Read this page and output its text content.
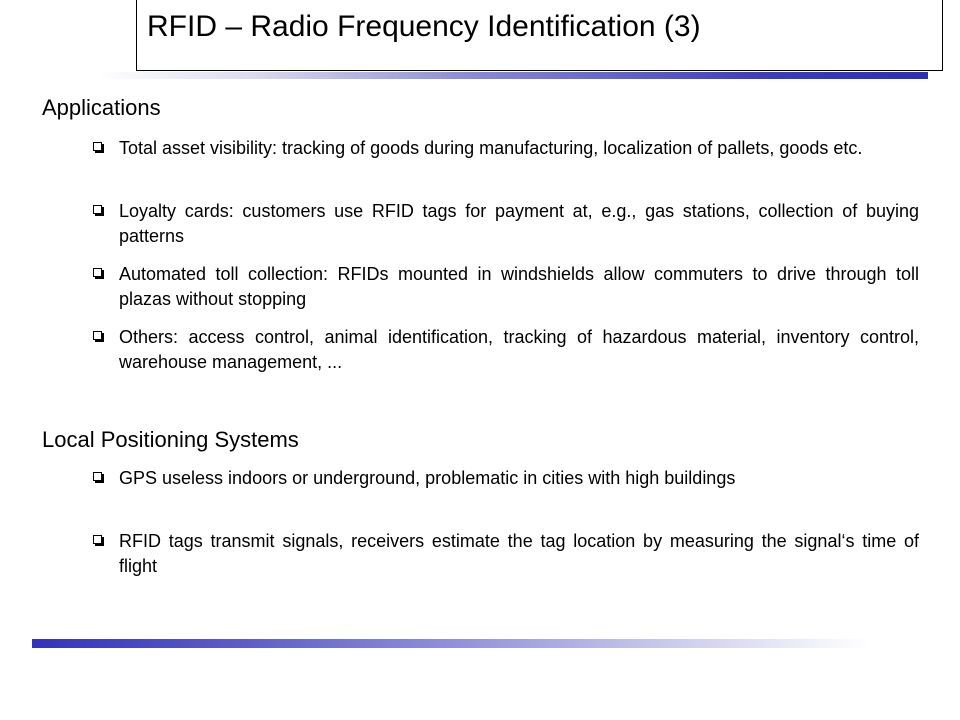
RFID – Radio Frequency Identification (3)
Applications
Total asset visibility: tracking of goods during manufacturing, localization of pallets, goods etc.
Loyalty cards: customers use RFID tags for payment at, e.g., gas stations, collection of buying patterns
Automated toll collection: RFIDs mounted in windshields allow commuters to drive through toll plazas without stopping
Others: access control, animal identification, tracking of hazardous material, inventory control, warehouse management, ...
Local Positioning Systems
GPS useless indoors or underground, problematic in cities with high buildings
RFID tags transmit signals, receivers estimate the tag location by measuring the signal‘s time of flight
